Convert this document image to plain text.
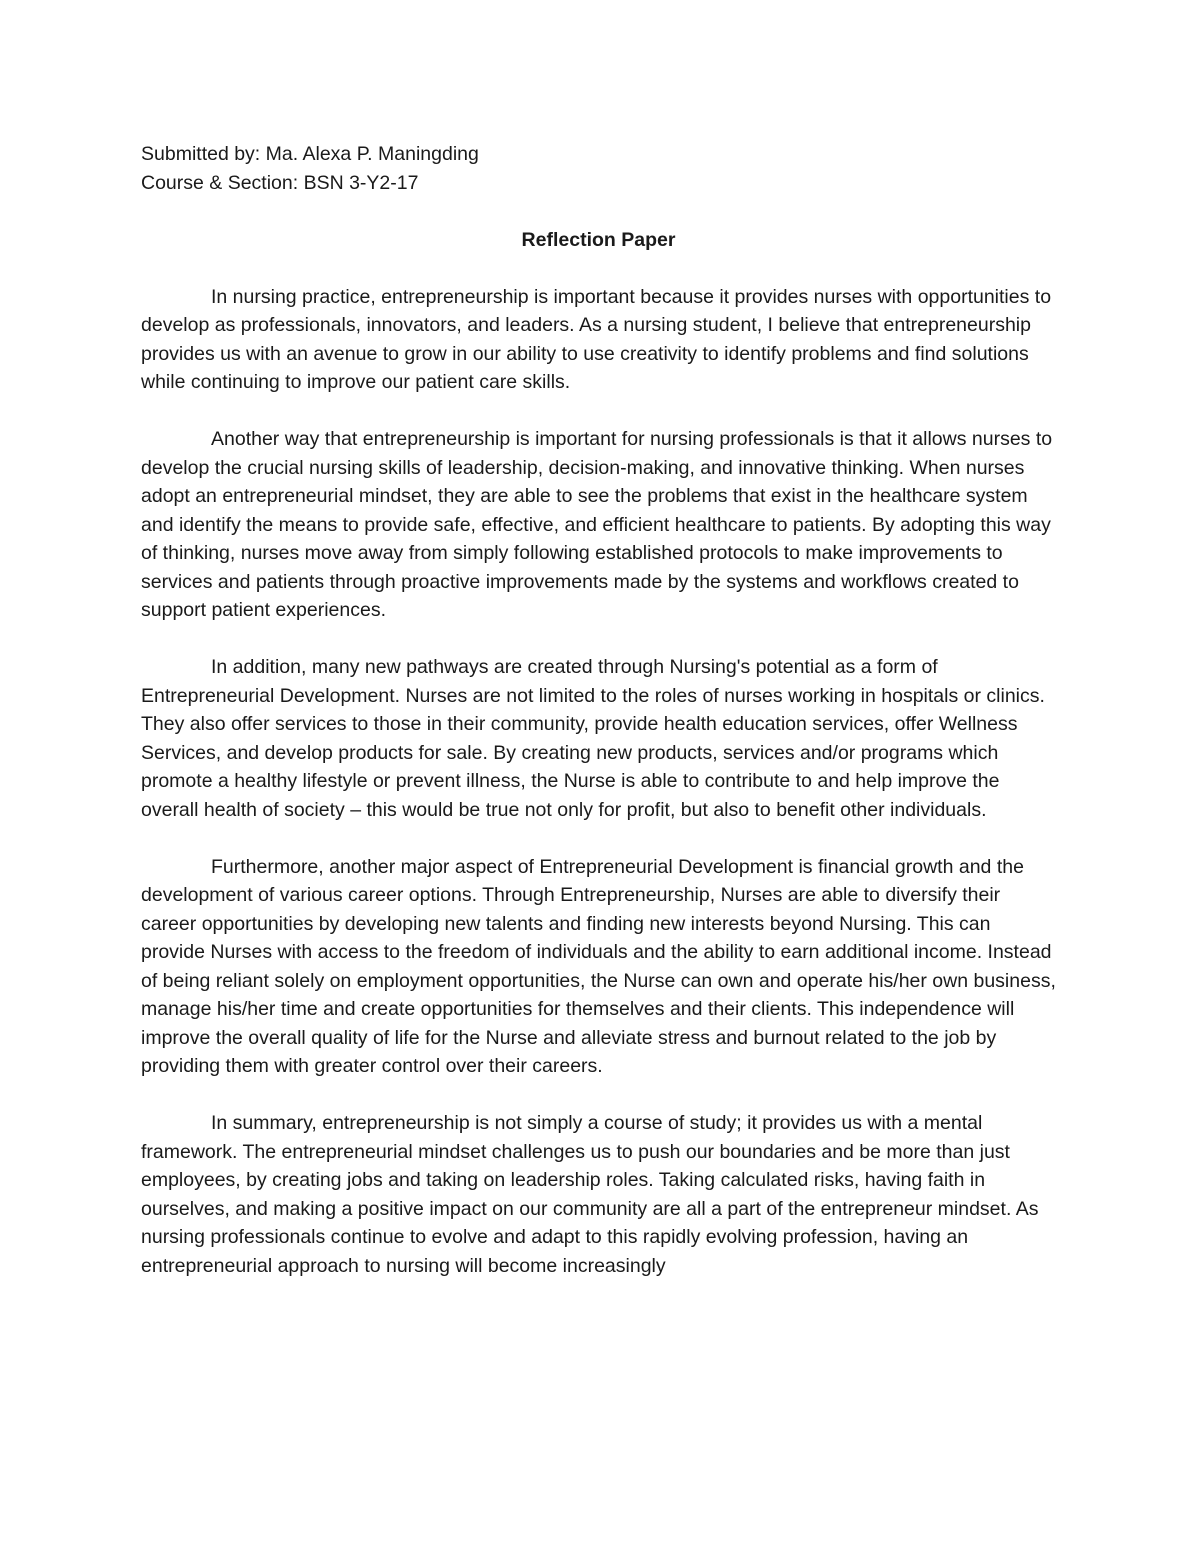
Submitted by: Ma. Alexa P. Maningding

Course & Section: BSN 3-Y2-17

Reflection Paper

In nursing practice, entrepreneurship is important because it provides nurses with opportunities to develop as professionals, innovators, and leaders. As a nursing student, I believe that entrepreneurship provides us with an avenue to grow in our ability to use creativity to identify problems and find solutions while continuing to improve our patient care skills.

Another way that entrepreneurship is important for nursing professionals is that it allows nurses to develop the crucial nursing skills of leadership, decision-making, and innovative thinking. When nurses adopt an entrepreneurial mindset, they are able to see the problems that exist in the healthcare system and identify the means to provide safe, effective, and efficient healthcare to patients. By adopting this way of thinking, nurses move away from simply following established protocols to make improvements to services and patients through proactive improvements made by the systems and workflows created to support patient experiences.

In addition, many new pathways are created through Nursing's potential as a form of Entrepreneurial Development. Nurses are not limited to the roles of nurses working in hospitals or clinics. They also offer services to those in their community, provide health education services, offer Wellness Services, and develop products for sale. By creating new products, services and/or programs which promote a healthy lifestyle or prevent illness, the Nurse is able to contribute to and help improve the overall health of society – this would be true not only for profit, but also to benefit other individuals.

Furthermore, another major aspect of Entrepreneurial Development is financial growth and the development of various career options. Through Entrepreneurship, Nurses are able to diversify their career opportunities by developing new talents and finding new interests beyond Nursing. This can provide Nurses with access to the freedom of individuals and the ability to earn additional income. Instead of being reliant solely on employment opportunities, the Nurse can own and operate his/her own business, manage his/her time and create opportunities for themselves and their clients. This independence will improve the overall quality of life for the Nurse and alleviate stress and burnout related to the job by providing them with greater control over their careers.

In summary, entrepreneurship is not simply a course of study; it provides us with a mental framework. The entrepreneurial mindset challenges us to push our boundaries and be more than just employees, by creating jobs and taking on leadership roles. Taking calculated risks, having faith in ourselves, and making a positive impact on our community are all a part of the entrepreneur mindset. As nursing professionals continue to evolve and adapt to this rapidly evolving profession, having an entrepreneurial approach to nursing will become increasingly
